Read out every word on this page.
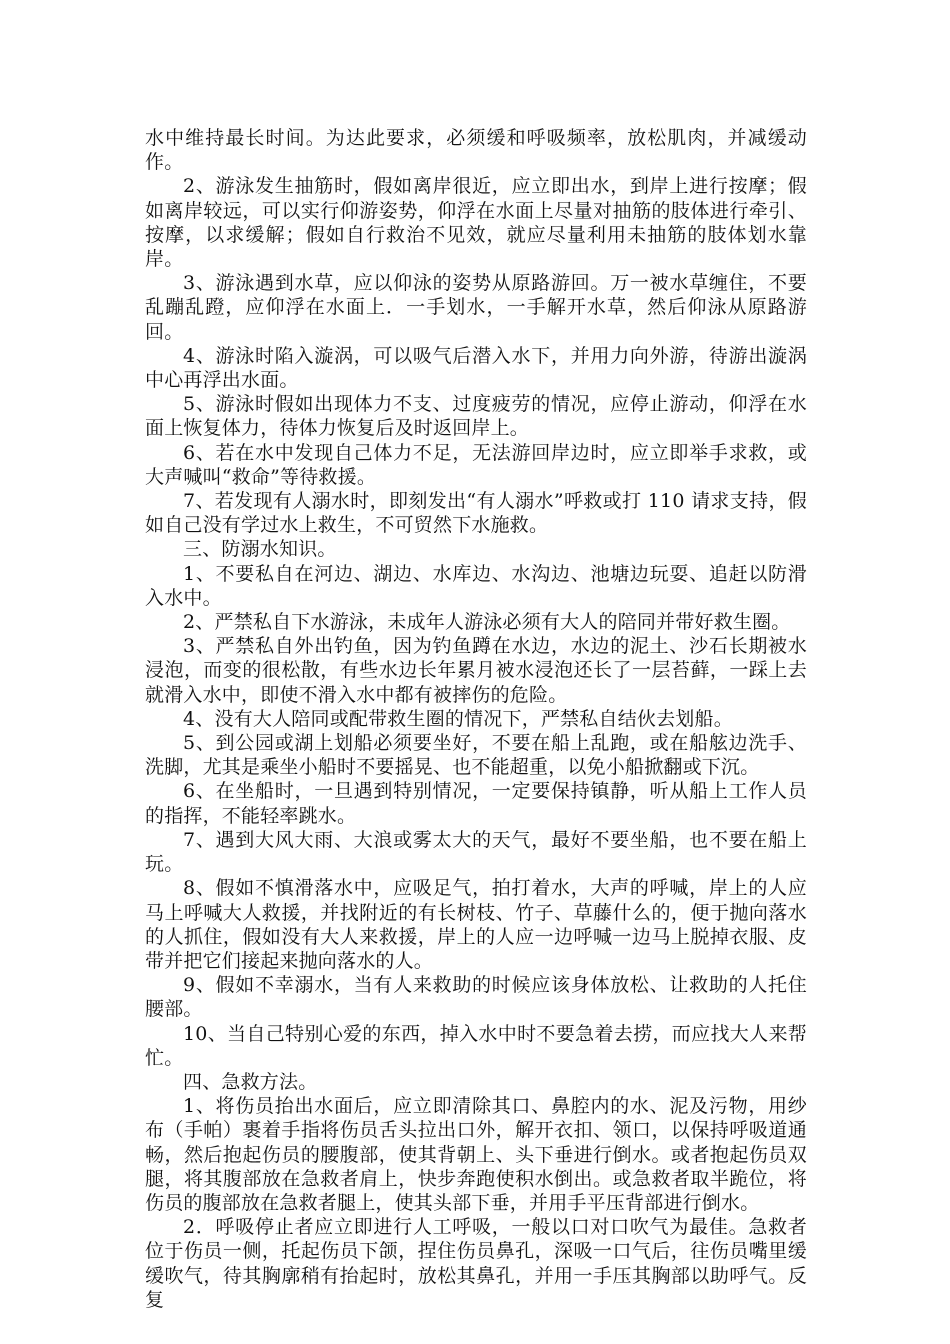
水中维持最长时间。为达此要求，必须缓和呼吸频率，放松肌肉，并减缓动作。

2、游泳发生抽筋时，假如离岸很近，应立即出水，到岸上进行按摩；假如离岸较远，可以实行仰游姿势，仰浮在水面上尽量对抽筋的肢体进行牵引、按摩，以求缓解；假如自行救治不见效，就应尽量利用未抽筋的肢体划水靠岸。

3、游泳遇到水草，应以仰泳的姿势从原路游回。万一被水草缠住，不要乱蹦乱蹬，应仰浮在水面上．一手划水，一手解开水草，然后仰泳从原路游回。

4、游泳时陷入漩涡，可以吸气后潜入水下，并用力向外游，待游出漩涡中心再浮出水面。

5、游泳时假如出现体力不支、过度疲劳的情况，应停止游动，仰浮在水面上恢复体力，待体力恢复后及时返回岸上。

6、若在水中发现自己体力不足，无法游回岸边时，应立即举手求救，或大声喊叫“救命”等待救援。

7、若发现有人溺水时，即刻发出“有人溺水”呼救或打 110 请求支持，假如自己没有学过水上救生，不可贸然下水施救。

三、防溺水知识。

1、不要私自在河边、湖边、水库边、水沟边、池塘边玩耍、追赶以防滑入水中。

2、严禁私自下水游泳，未成年人游泳必须有大人的陪同并带好救生圈。

3、严禁私自外出钓鱼，因为钓鱼蹲在水边，水边的泥土、沙石长期被水浸泡，而变的很松散，有些水边长年累月被水浸泡还长了一层苔藓，一踩上去就滑入水中，即使不滑入水中都有被摔伤的危险。

4、没有大人陪同或配带救生圈的情况下，严禁私自结伙去划船。

5、到公园或湖上划船必须要坐好，不要在船上乱跑，或在船舷边洗手、洗脚，尤其是乘坐小船时不要摇晃、也不能超重，以免小船掀翻或下沉。

6、在坐船时，一旦遇到特别情况，一定要保持镇静，听从船上工作人员的指挥，不能轻率跳水。

7、遇到大风大雨、大浪或雾太大的天气，最好不要坐船，也不要在船上玩。

8、假如不慎滑落水中，应吸足气，拍打着水，大声的呼喊，岸上的人应马上呼喊大人救援，并找附近的有长树枝、竹子、草藤什么的，便于抛向落水的人抓住，假如没有大人来救援，岸上的人应一边呼喊一边马上脱掉衣服、皮带并把它们接起来抛向落水的人。

9、假如不幸溺水，当有人来救助的时候应该身体放松、让救助的人托住腰部。

10、当自己特别心爱的东西，掉入水中时不要急着去捞，而应找大人来帮忙。

四、急救方法。

1、将伤员抬出水面后，应立即清除其口、鼻腔内的水、泥及污物，用纱布（手帕）裹着手指将伤员舌头拉出口外，解开衣扣、领口，以保持呼吸道通畅，然后抱起伤员的腰腹部，使其背朝上、头下垂进行倒水。或者抱起伤员双腿，将其腹部放在急救者肩上，快步奔跑使积水倒出。或急救者取半跪位，将伤员的腹部放在急救者腿上，使其头部下垂，并用手平压背部进行倒水。

2．呼吸停止者应立即进行人工呼吸，一般以口对口吹气为最佳。急救者位于伤员一侧，托起伤员下颌，捏住伤员鼻孔，深吸一口气后，往伤员嘴里缓缓吹气，待其胸廓稍有抬起时，放松其鼻孔，并用一手压其胸部以助呼气。反复
